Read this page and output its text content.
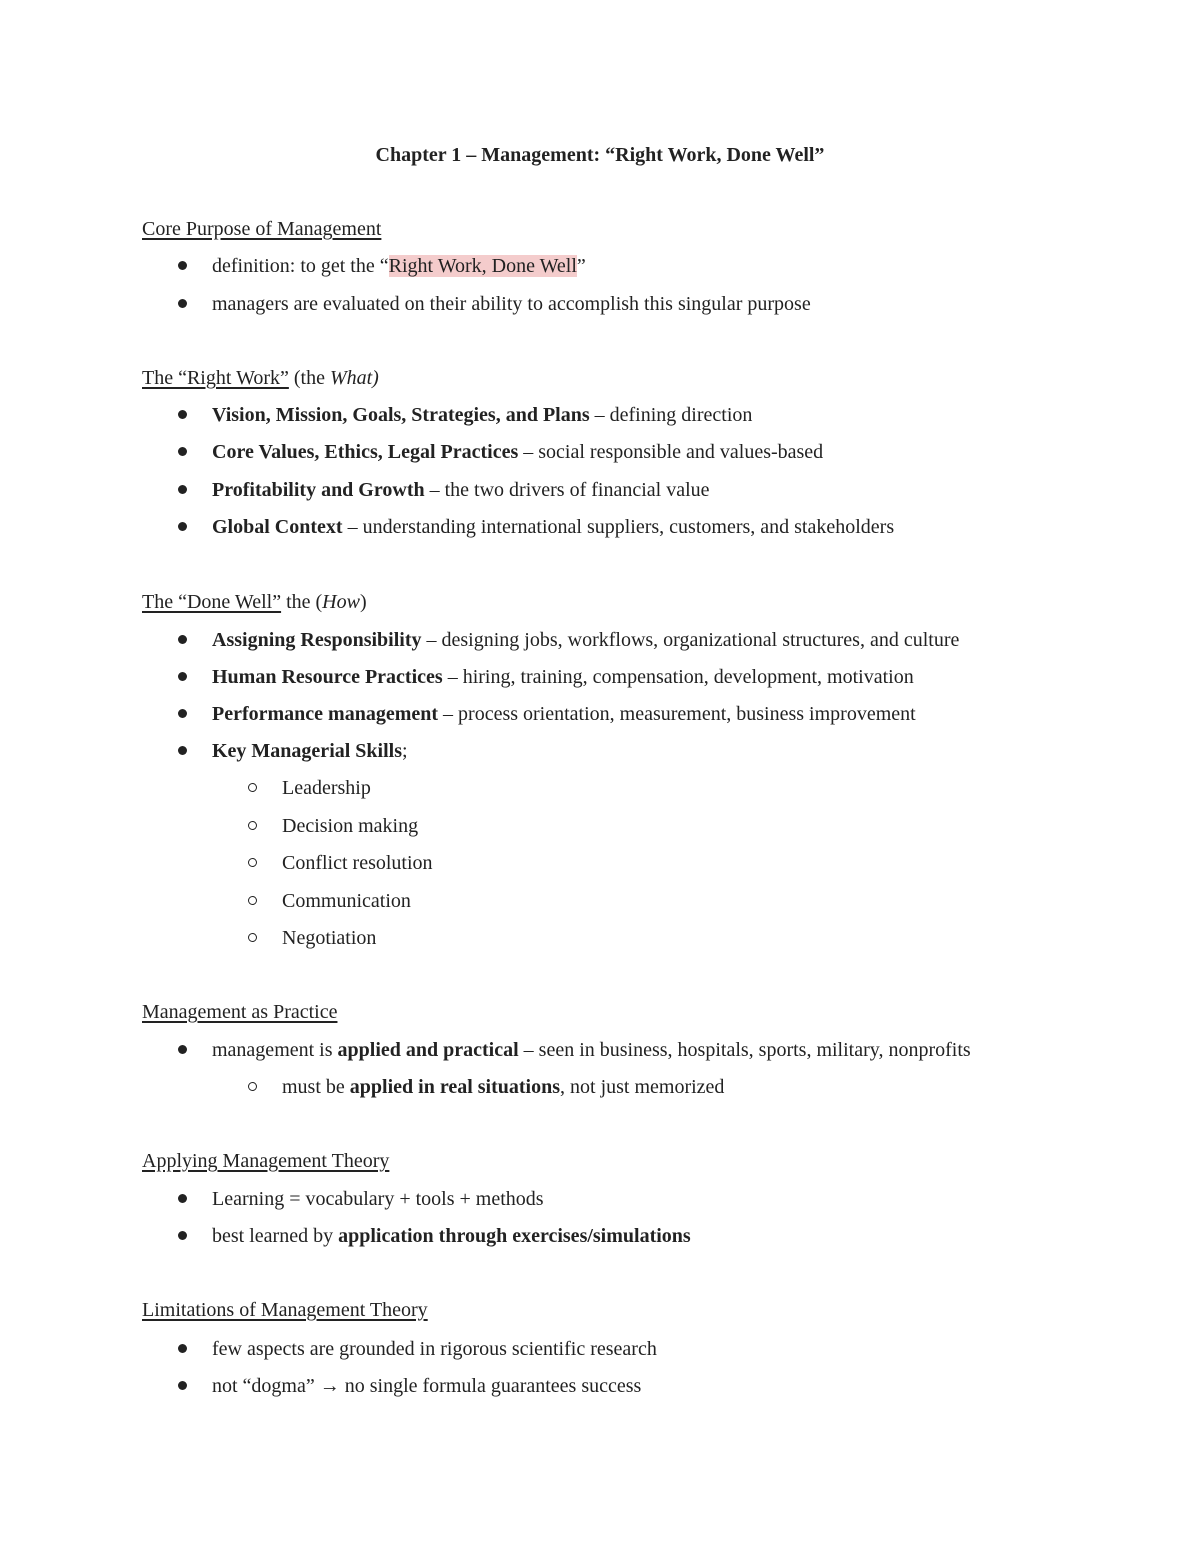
Chapter 1 – Management: “Right Work, Done Well”
Core Purpose of Management
definition: to get the “Right Work, Done Well”
managers are evaluated on their ability to accomplish this singular purpose
The “Right Work” (the What)
Vision, Mission, Goals, Strategies, and Plans – defining direction
Core Values, Ethics, Legal Practices – social responsible and values-based
Profitability and Growth – the two drivers of financial value
Global Context – understanding international suppliers, customers, and stakeholders
The “Done Well” the (How)
Assigning Responsibility – designing jobs, workflows, organizational structures, and culture
Human Resource Practices – hiring, training, compensation, development, motivation
Performance management – process orientation, measurement, business improvement
Key Managerial Skills;
Leadership
Decision making
Conflict resolution
Communication
Negotiation
Management as Practice
management is applied and practical – seen in business, hospitals, sports, military, nonprofits
must be applied in real situations, not just memorized
Applying Management Theory
Learning = vocabulary + tools + methods
best learned by application through exercises/simulations
Limitations of Management Theory
few aspects are grounded in rigorous scientific research
not “dogma” → no single formula guarantees success
